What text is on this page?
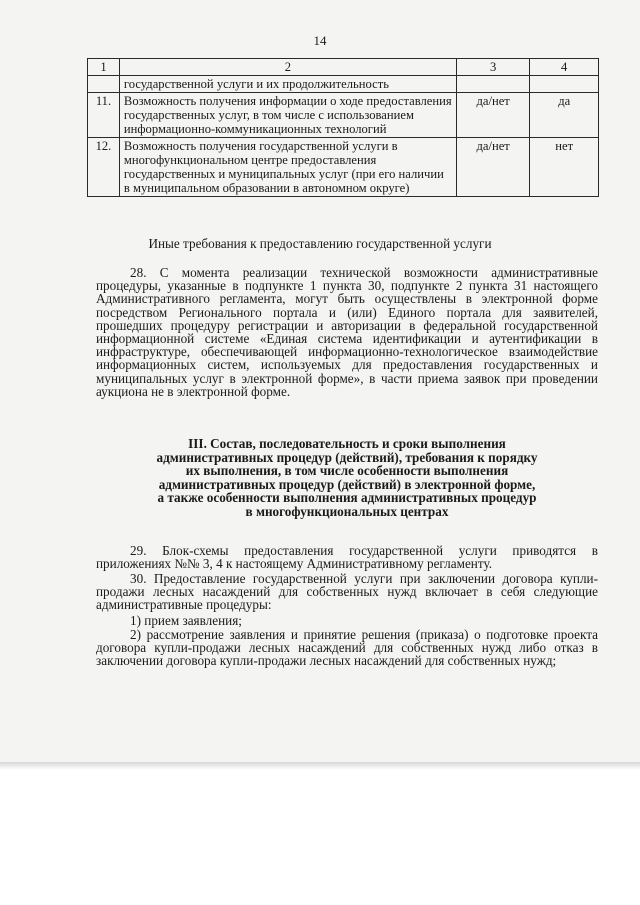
14
1	2	3	4
	государственной услуги и их продолжительность		
11.	Возможность получения информации о ходе предоставления государственных услуг, в том числе с использованием информационно-коммуникационных технологий	да/нет	да
12.	Возможность получения государственной услуги в многофункциональном центре предоставления государственных и муниципальных услуг (при его наличии в муниципальном образовании в автономном округе)	да/нет	нет
Иные требования к предоставлению государственной услуги

28. С момента реализации технической возможности административные процедуры, указанные в подпункте 1 пункта 30, подпункте 2 пункта 31 настоящего Административного регламента, могут быть осуществлены в электронной форме посредством Регионального портала и (или) Единого портала для заявителей, прошедших процедуру регистрации и авторизации в федеральной государственной информационной системе «Единая система идентификации и аутентификации в инфраструктуре, обеспечивающей информационно-технологическое взаимодействие информационных систем, используемых для предоставления государственных и муниципальных услуг в электронной форме», в части приема заявок при проведении аукциона не в электронной форме.

III. Состав, последовательность и сроки выполнения
административных процедур (действий), требования к порядку
их выполнения, в том числе особенности выполнения
административных процедур (действий) в электронной форме,
а также особенности выполнения административных процедур
в многофункциональных центрах

29. Блок-схемы предоставления государственной услуги приводятся в приложениях №№ 3, 4 к настоящему Административному регламенту.

30. Предоставление государственной услуги при заключении договора купли-продажи лесных насаждений для собственных нужд включает в себя следующие административные процедуры:

1) прием заявления;

2) рассмотрение заявления и принятие решения (приказа) о подготовке проекта договора купли-продажи лесных насаждений для собственных нужд либо отказ в заключении договора купли-продажи лесных насаждений для собственных нужд;
